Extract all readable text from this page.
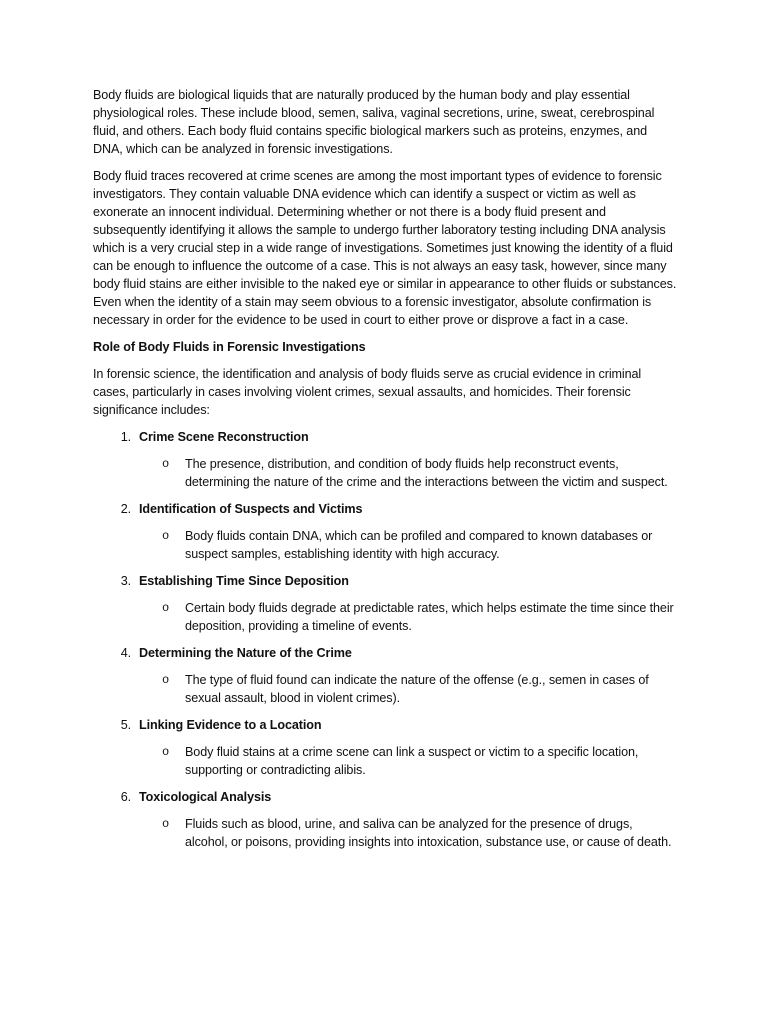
Body fluids are biological liquids that are naturally produced by the human body and play essential physiological roles. These include blood, semen, saliva, vaginal secretions, urine, sweat, cerebrospinal fluid, and others. Each body fluid contains specific biological markers such as proteins, enzymes, and DNA, which can be analyzed in forensic investigations.

Body fluid traces recovered at crime scenes are among the most important types of evidence to forensic investigators. They contain valuable DNA evidence which can identify a suspect or victim as well as exonerate an innocent individual. Determining whether or not there is a body fluid present and subsequently identifying it allows the sample to undergo further laboratory testing including DNA analysis which is a very crucial step in a wide range of investigations. Sometimes just knowing the identity of a fluid can be enough to influence the outcome of a case. This is not always an easy task, however, since many body fluid stains are either invisible to the naked eye or similar in appearance to other fluids or substances. Even when the identity of a stain may seem obvious to a forensic investigator, absolute confirmation is necessary in order for the evidence to be used in court to either prove or disprove a fact in a case.

Role of Body Fluids in Forensic Investigations

In forensic science, the identification and analysis of body fluids serve as crucial evidence in criminal cases, particularly in cases involving violent crimes, sexual assaults, and homicides. Their forensic significance includes:

1. Crime Scene Reconstruction
o	The presence, distribution, and condition of body fluids help reconstruct events, determining the nature of the crime and the interactions between the victim and suspect.
2. Identification of Suspects and Victims
o	Body fluids contain DNA, which can be profiled and compared to known databases or suspect samples, establishing identity with high accuracy.
3. Establishing Time Since Deposition
o	Certain body fluids degrade at predictable rates, which helps estimate the time since their deposition, providing a timeline of events.
4. Determining the Nature of the Crime
o	The type of fluid found can indicate the nature of the offense (e.g., semen in cases of sexual assault, blood in violent crimes).
5. Linking Evidence to a Location
o	Body fluid stains at a crime scene can link a suspect or victim to a specific location, supporting or contradicting alibis.
6. Toxicological Analysis
o	Fluids such as blood, urine, and saliva can be analyzed for the presence of drugs, alcohol, or poisons, providing insights into intoxication, substance use, or cause of death.
